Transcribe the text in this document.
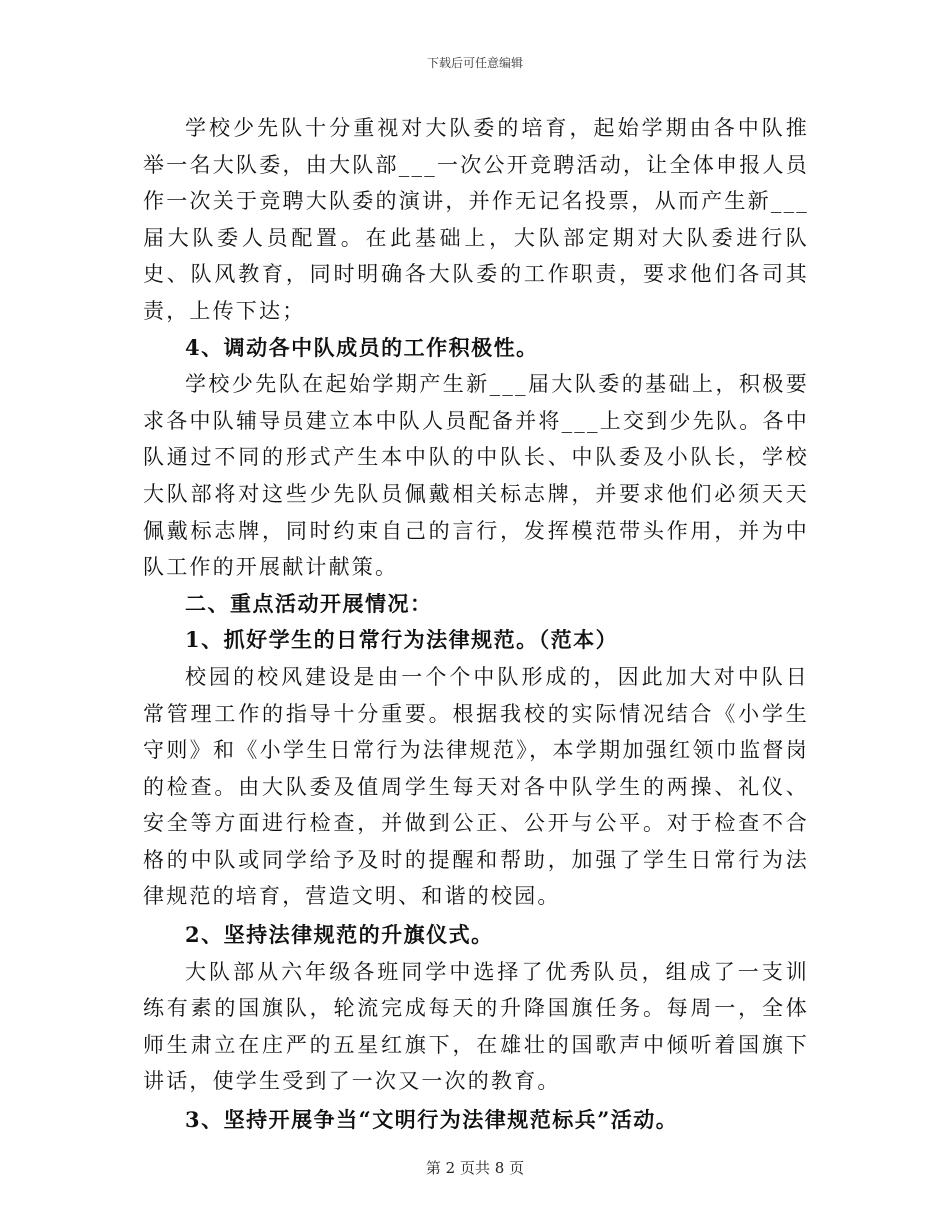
下载后可任意编辑

学校少先队十分重视对大队委的培育，起始学期由各中队推举一名大队委，由大队部___一次公开竞聘活动，让全体申报人员作一次关于竞聘大队委的演讲，并作无记名投票，从而产生新___届大队委人员配置。在此基础上，大队部定期对大队委进行队史、队风教育，同时明确各大队委的工作职责，要求他们各司其责，上传下达；

4、调动各中队成员的工作积极性。

学校少先队在起始学期产生新___届大队委的基础上，积极要求各中队辅导员建立本中队人员配备并将___上交到少先队。各中队通过不同的形式产生本中队的中队长、中队委及小队长，学校大队部将对这些少先队员佩戴相关标志牌，并要求他们必须天天佩戴标志牌，同时约束自己的言行，发挥模范带头作用，并为中队工作的开展献计献策。

二、重点活动开展情况：

1、抓好学生的日常行为法律规范。（范本）

校园的校风建设是由一个个中队形成的，因此加大对中队日常管理工作的指导十分重要。根据我校的实际情况结合《小学生守则》和《小学生日常行为法律规范》，本学期加强红领巾监督岗的检查。由大队委及值周学生每天对各中队学生的两操、礼仪、安全等方面进行检查，并做到公正、公开与公平。对于检查不合格的中队或同学给予及时的提醒和帮助，加强了学生日常行为法律规范的培育，营造文明、和谐的校园。

2、坚持法律规范的升旗仪式。

大队部从六年级各班同学中选择了优秀队员，组成了一支训练有素的国旗队，轮流完成每天的升降国旗任务。每周一，全体师生肃立在庄严的五星红旗下，在雄壮的国歌声中倾听着国旗下讲话，使学生受到了一次又一次的教育。

3、坚持开展争当“文明行为法律规范标兵”活动。

第 2 页共 8 页
